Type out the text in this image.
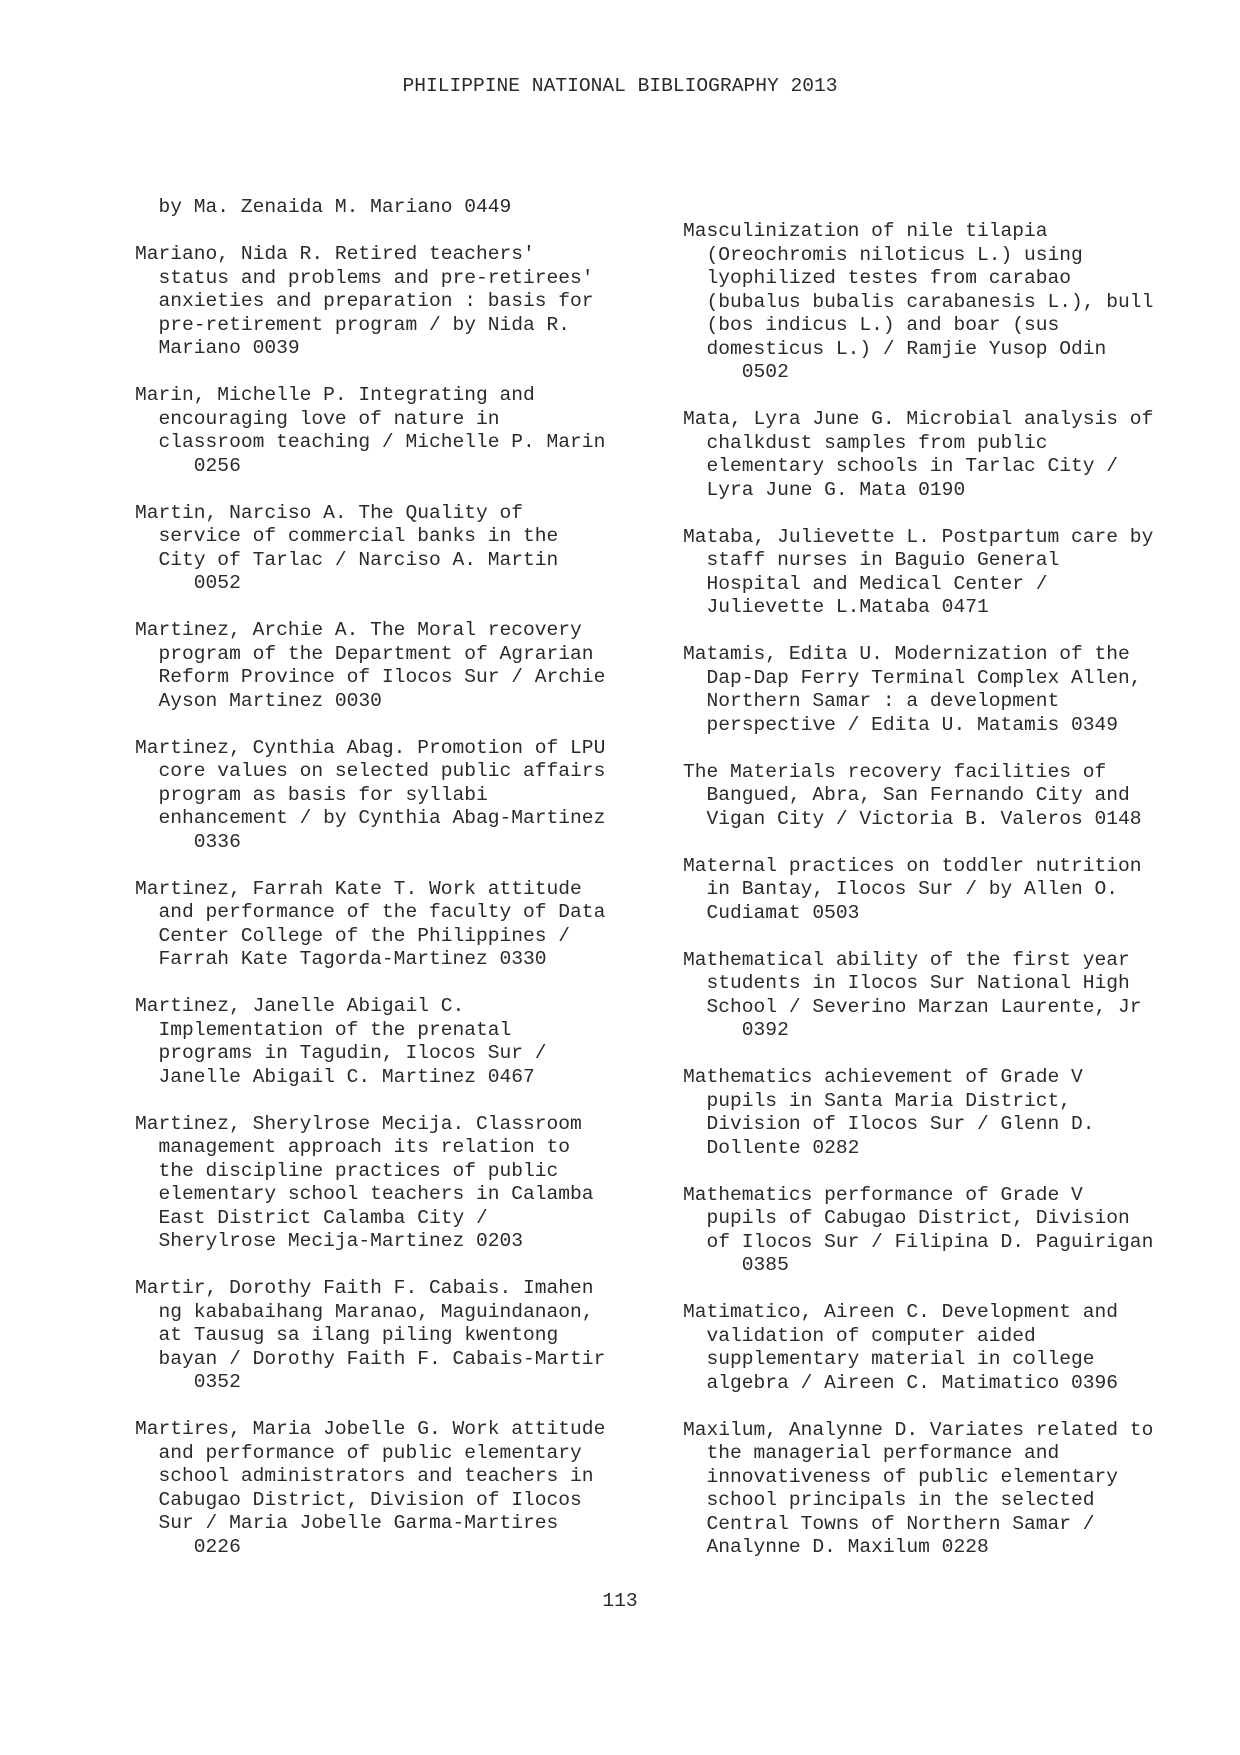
PHILIPPINE NATIONAL BIBLIOGRAPHY 2013
by Ma. Zenaida M. Mariano 0449
Mariano, Nida R. Retired teachers'
status and problems and pre-retirees'
anxieties and preparation : basis for
pre-retirement program / by Nida R.
Mariano 0039
Marin, Michelle P. Integrating and
encouraging love of nature in
classroom teaching / Michelle P. Marin
0256
Martin, Narciso A. The Quality of
service of commercial banks in the
City of Tarlac / Narciso A. Martin
0052
Martinez, Archie A. The Moral recovery
program of the Department of Agrarian
Reform Province of Ilocos Sur / Archie
Ayson Martinez 0030
Martinez, Cynthia Abag. Promotion of LPU
core values on selected public affairs
program as basis for syllabi
enhancement / by Cynthia Abag-Martinez
0336
Martinez, Farrah Kate T. Work attitude
and performance of the faculty of Data
Center College of the Philippines /
Farrah Kate Tagorda-Martinez 0330
Martinez, Janelle Abigail C.
Implementation of the prenatal
programs in Tagudin, Ilocos Sur /
Janelle Abigail C. Martinez 0467
Martinez, Sherylrose Mecija. Classroom
management approach its relation to
the discipline practices of public
elementary school teachers in Calamba
East District Calamba City /
Sherylrose Mecija-Martinez 0203
Martir, Dorothy Faith F. Cabais. Imahen
ng kababaihang Maranao, Maguindanaon,
at Tausug sa ilang piling kwentong
bayan / Dorothy Faith F. Cabais-Martir
0352
Martires, Maria Jobelle G. Work attitude
and performance of public elementary
school administrators and teachers in
Cabugao District, Division of Ilocos
Sur / Maria Jobelle Garma-Martires
0226
Masculinization of nile tilapia
(Oreochromis niloticus L.) using
lyophilized testes from carabao
(bubalus bubalis carabanesis L.), bull
(bos indicus L.) and boar (sus
domesticus L.) / Ramjie Yusop Odin
0502
Mata, Lyra June G. Microbial analysis of
chalkdust samples from public
elementary schools in Tarlac City /
Lyra June G. Mata 0190
Mataba, Julievette L. Postpartum care by
staff nurses in Baguio General
Hospital and Medical Center /
Julievette L.Mataba 0471
Matamis, Edita U. Modernization of the
Dap-Dap Ferry Terminal Complex Allen,
Northern Samar : a development
perspective / Edita U. Matamis 0349
The Materials recovery facilities of
Bangued, Abra, San Fernando City and
Vigan City / Victoria B. Valeros 0148
Maternal practices on toddler nutrition
in Bantay, Ilocos Sur / by Allen O.
Cudiamat 0503
Mathematical ability of the first year
students in Ilocos Sur National High
School / Severino Marzan Laurente, Jr
0392
Mathematics achievement of Grade V
pupils in Santa Maria District,
Division of Ilocos Sur / Glenn D.
Dollente 0282
Mathematics performance of Grade V
pupils of Cabugao District, Division
of Ilocos Sur / Filipina D. Paguirigan
0385
Matimatico, Aireen C. Development and
validation of computer aided
supplementary material in college
algebra / Aireen C. Matimatico 0396
Maxilum, Analynne D. Variates related to
the managerial performance and
innovativeness of public elementary
school principals in the selected
Central Towns of Northern Samar /
Analynne D. Maxilum 0228
113
